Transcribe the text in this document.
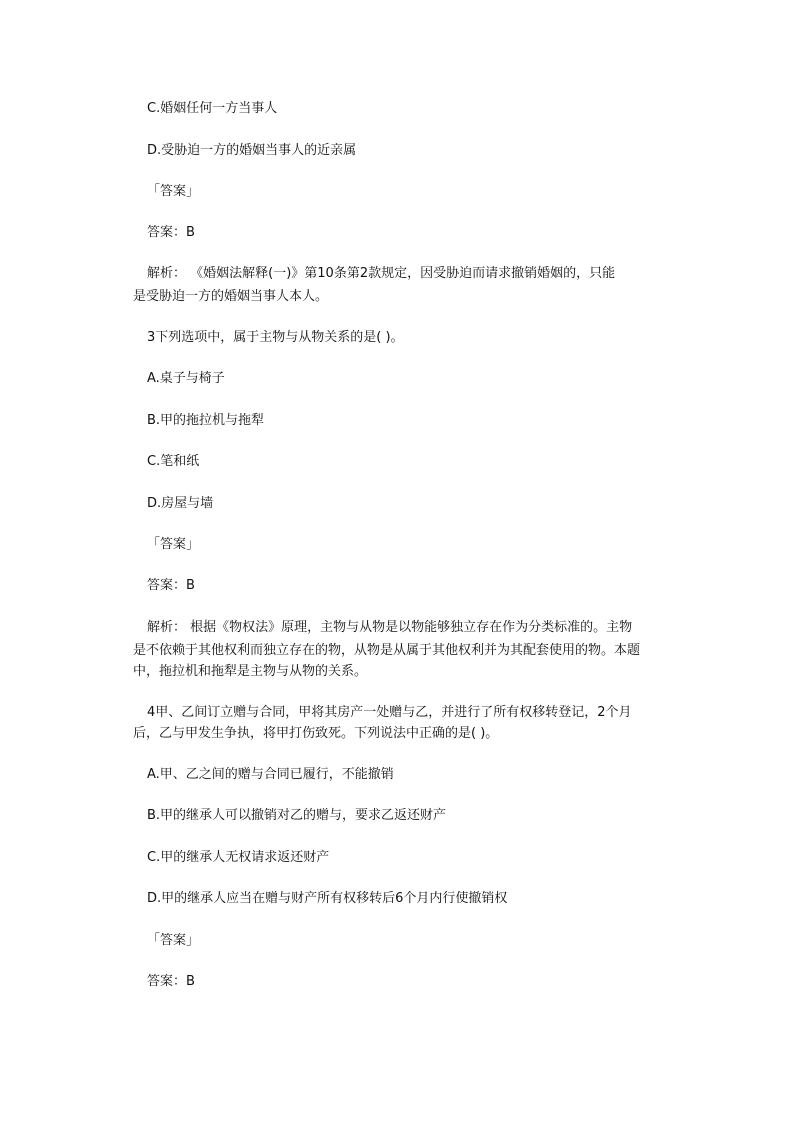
C.婚姻任何一方当事人

D.受胁迫一方的婚姻当事人的近亲属

「答案」

答案：B

解析： 《婚姻法解释(一)》第10条第2款规定，因受胁迫而请求撤销婚姻的，只能

是受胁迫一方的婚姻当事人本人。

3下列选项中，属于主物与从物关系的是( )。

A.桌子与椅子

B.甲的拖拉机与拖犁

C.笔和纸

D.房屋与墙

「答案」

答案：B

解析： 根据《物权法》原理，主物与从物是以物能够独立存在作为分类标准的。主物

是不依赖于其他权利而独立存在的物，从物是从属于其他权利并为其配套使用的物。本题

中，拖拉机和拖犁是主物与从物的关系。

4甲、乙间订立赠与合同，甲将其房产一处赠与乙，并进行了所有权移转登记，2个月

后，乙与甲发生争执，将甲打伤致死。下列说法中正确的是( )。

A.甲、乙之间的赠与合同已履行，不能撤销

B.甲的继承人可以撤销对乙的赠与，要求乙返还财产

C.甲的继承人无权请求返还财产

D.甲的继承人应当在赠与财产所有权移转后6个月内行使撤销权

「答案」

答案：B
